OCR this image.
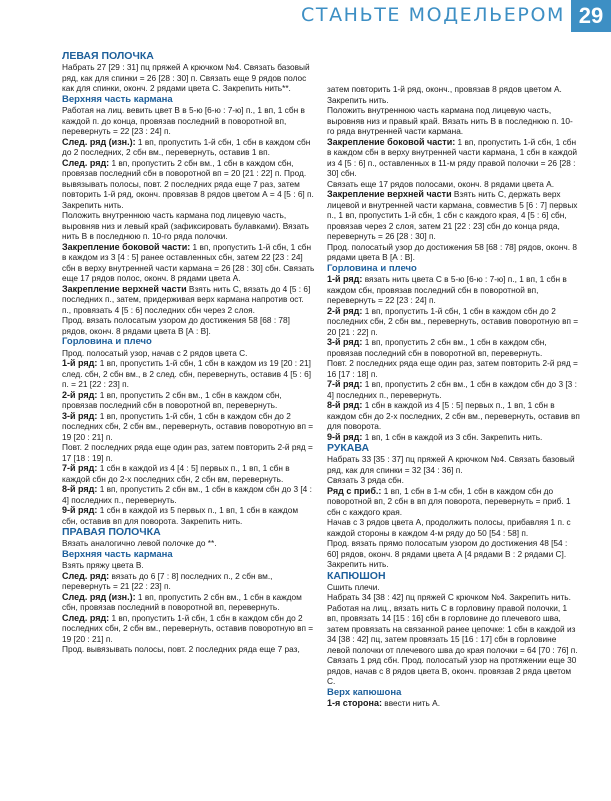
СТАНЬТЕ МОДЕЛЬЕРОМ 29

ЛЕВАЯ ПОЛОЧКА

Набрать 27 [29 : 31] пц пряжей А крючком №4. Связать базовый ряд, как для спинки = 26 [28 : 30] п. Связать еще 9 рядов полос как для спинки, оконч. 2 рядами цвета С. Закрепить нить**.

Верхняя часть кармана

Работая на лиц. вевить цвет В в 5-ю [6-ю : 7-ю] п., 1 вп, 1 сбн в каждой п. до конца, провязав последний в поворотной вп, перевернуть = 22 [23 : 24] п.

След. ряд (изн.): 1 вп, пропустить 1-й сбн, 1 сбн в каждом сбн до 2 последних, 2 сбн вм., перевернуть, оставив 1 вп.

След. ряд: 1 вп, пропустить 2 сбн вм., 1 сбн в каждом сбн, провязав последний сбн в поворотной вп = 20 [21 : 22] п. Прод. вывязывать полосы, повт. 2 последних ряда еще 7 раз, затем повторить 1-й ряд, оконч. провязав 8 рядов цветом А = 4 [5 : 6] п. Закрепить нить.

Положить внутреннюю часть кармана под лицевую часть, выровняв низ и левый край (зафиксировать булавками). Вязать нить В в последнюю п. 10-го ряда полочки.

Закрепление боковой части: 1 вп, пропустить 1-й сбн, 1 сбн в каждом из 3 [4 : 5] ранее оставленных сбн, затем 22 [23 : 24] сбн в верху внутренней части кармана = 26 [28 : 30] сбн. Связать еще 17 рядов полос, оконч. 8 рядами цвета А.

Закрепление верхней части Взять нить С, вязать до 4 [5 : 6] последних п., затем, придерживая верх кармана напротив ост. п., провязать 4 [5 : 6] последних сбн через 2 слоя.

Прод. вязать полосатым узором до достижения 58 [68 : 78] рядов, оконч. 8 рядами цвета В [А : В].

Горловина и плечо

Прод. полосатый узор, начав с 2 рядов цвета С.

1-й ряд: 1 вп, пропустить 1-й сбн, 1 сбн в каждом из 19 [20 : 21] след. сбн, 2 сбн вм., в 2 след. сбн, перевернуть, оставив 4 [5 : 6] п. = 21 [22 : 23] п.

2-й ряд: 1 вп, пропустить 2 сбн вм., 1 сбн в каждом сбн, провязав последний сбн в поворотной вп, перевернуть.

3-й ряд: 1 вп, пропустить 1-й сбн, 1 сбн в каждом сбн до 2 последних сбн, 2 сбн вм., перевернуть, оставив поворотную вп = 19 [20 : 21] п.

Повт. 2 последних ряда еще один раз, затем повторить 2-й ряд = 17 [18 : 19] п.

7-й ряд: 1 сбн в каждой из 4 [4 : 5] первых п., 1 вп, 1 сбн в каждой сбн до 2-х последних сбн, 2 сбн вм, перевернуть.

8-й ряд: 1 вп, пропустить 2 сбн вм., 1 сбн в каждом сбн до 3 [4 : 4] последних п., перевернуть.

9-й ряд: 1 сбн в каждой из 5 первых п., 1 вп, 1 сбн в каждом сбн, оставив вп для поворота. Закрепить нить.

ПРАВАЯ ПОЛОЧКА

Вязать аналогично левой полочке до **.

Верхняя часть кармана

Взять пряжу цвета В.

След. ряд: вязать до 6 [7 : 8] последних п., 2 сбн вм., перевернуть = 21 [22 : 23] п.

След. ряд (изн.): 1 вп, пропустить 2 сбн вм., 1 сбн в каждом сбн, провязав последний в поворотной вп, перевернуть.

След. ряд: 1 вп, пропустить 1-й сбн, 1 сбн в каждом сбн до 2 последних сбн, 2 сбн вм., перевернуть, оставив поворотную вп = 19 [20 : 21] п.

Прод. вывязывать полосы, повт. 2 последних ряда еще 7 раз,

затем повторить 1-й ряд, оконч., провязав 8 рядов цветом А. Закрепить нить.

Положить внутреннюю часть кармана под лицевую часть, выровняв низ и правый край. Вязать нить В в последнюю п. 10-го ряда внутренней части кармана.

Закрепление боковой части: 1 вп, пропустить 1-й сбн, 1 сбн в каждом сбн в верху внутренней части кармана, 1 сбн в каждой из 4 [5 : 6] п., оставленных в 11-м ряду правой полочки = 26 [28 : 30] сбн.

Связать еще 17 рядов полосами, оконч. 8 рядами цвета А.

Закрепление верхней части Взять нить С, держать верх лицевой и внутренней части кармана, совместив 5 [6 : 7] первых п., 1 вп, пропустить 1-й сбн, 1 сбн с каждого края, 4 [5 : 6] сбн, провязав через 2 слоя, затем 21 [22 : 23] сбн до конца ряда, перевернуть = 26 [28 : 30] п.

Прод. полосатый узор до достижения 58 [68 : 78] рядов, оконч. 8 рядами цвета В [А : В].

Горловина и плечо

1-й ряд: вязать нить цвета С в 5-ю [6-ю : 7-ю] п., 1 вп, 1 сбн в каждом сбн, провязав последний сбн в поворотной вп, перевернуть = 22 [23 : 24] п.

2-й ряд: 1 вп, пропустить 1-й сбн, 1 сбн в каждом сбн до 2 последних сбн, 2 сбн вм., перевернуть, оставив поворотную вп = 20 [21 : 22] п.

3-й ряд: 1 вп, пропустить 2 сбн вм., 1 сбн в каждом сбн, провязав последний сбн в поворотной вп, перевернуть.

Повт. 2 последних ряда еще один раз, затем повторить 2-й ряд = 16 [17 : 18] п.

7-й ряд: 1 вп, пропустить 2 сбн вм., 1 сбн в каждом сбн до 3 [3 : 4] последних п., перевернуть.

8-й ряд: 1 сбн в каждой из 4 [5 : 5] первых п., 1 вп, 1 сбн в каждом сбн до 2-х последних, 2 сбн вм., перевернуть, оставив вп для поворота.

9-й ряд: 1 вп, 1 сбн в каждой из 3 сбн. Закрепить нить.

РУКАВА

Набрать 33 [35 : 37] пц пряжей А крючком №4. Связать базовый ряд, как для спинки = 32 [34 : 36] п.

Связать 3 ряда сбн.

Ряд с приб.: 1 вп, 1 сбн в 1-м сбн, 1 сбн в каждом сбн до поворотной вп, 2 сбн в вп для поворота, перевернуть = приб. 1 сбн с каждого края.

Начав с 3 рядов цвета А, продолжить полосы, прибавляя 1 п. с каждой стороны в каждом 4-м ряду до 50 [54 : 58] п.

Прод. вязать прямо полосатым узором до достижения 48 [54 : 60] рядов, оконч. 8 рядами цвета А [4 рядами В : 2 рядами С]. Закрепить нить.

КАПЮШОН

Сшить плечи.

Набрать 34 [38 : 42] пц пряжей С крючком №4. Закрепить нить. Работая на лиц., вязать нить С в горловину правой полочки, 1 вп, провязать 14 [15 : 16] сбн в горловине до плечевого шва, затем провязать на связанной ранее цепочке: 1 сбн в каждой из 34 [38 : 42] пц, затем провязать 15 [16 : 17] сбн в горловине левой полочки от плечевого шва до края полочки = 64 [70 : 76] п. Связать 1 ряд сбн. Прод. полосатый узор на протяжении еще 30 рядов, начав с 8 рядов цвета В, оконч. провязав 2 ряда цветом С.

Верх капюшона

1-я сторона: ввести нить А.
